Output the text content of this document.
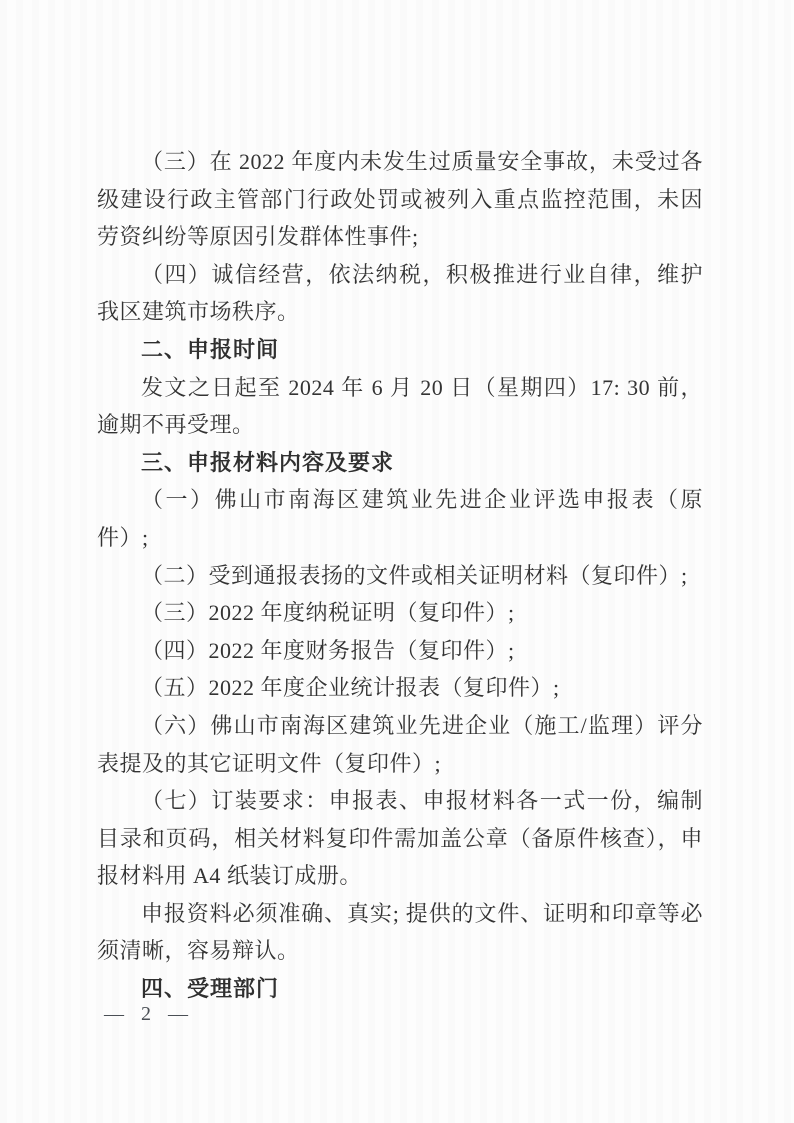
（三）在 2022 年度内未发生过质量安全事故，未受过各级建设行政主管部门行政处罚或被列入重点监控范围，未因劳资纠纷等原因引发群体性事件;

（四）诚信经营，依法纳税，积极推进行业自律，维护我区建筑市场秩序。

二、申报时间

发文之日起至 2024 年 6 月 20 日（星期四）17: 30 前，逾期不再受理。

三、申报材料内容及要求

（一）佛山市南海区建筑业先进企业评选申报表（原件）;

（二）受到通报表扬的文件或相关证明材料（复印件）;

（三）2022 年度纳税证明（复印件）;

（四）2022 年度财务报告（复印件）;

（五）2022 年度企业统计报表（复印件）;

（六）佛山市南海区建筑业先进企业（施工/监理）评分表提及的其它证明文件（复印件）;

（七）订装要求：申报表、申报材料各一式一份，编制目录和页码，相关材料复印件需加盖公章（备原件核查），申报材料用 A4 纸装订成册。

申报资料必须准确、真实; 提供的文件、证明和印章等必须清晰，容易辩认。

四、受理部门

— 2 —
